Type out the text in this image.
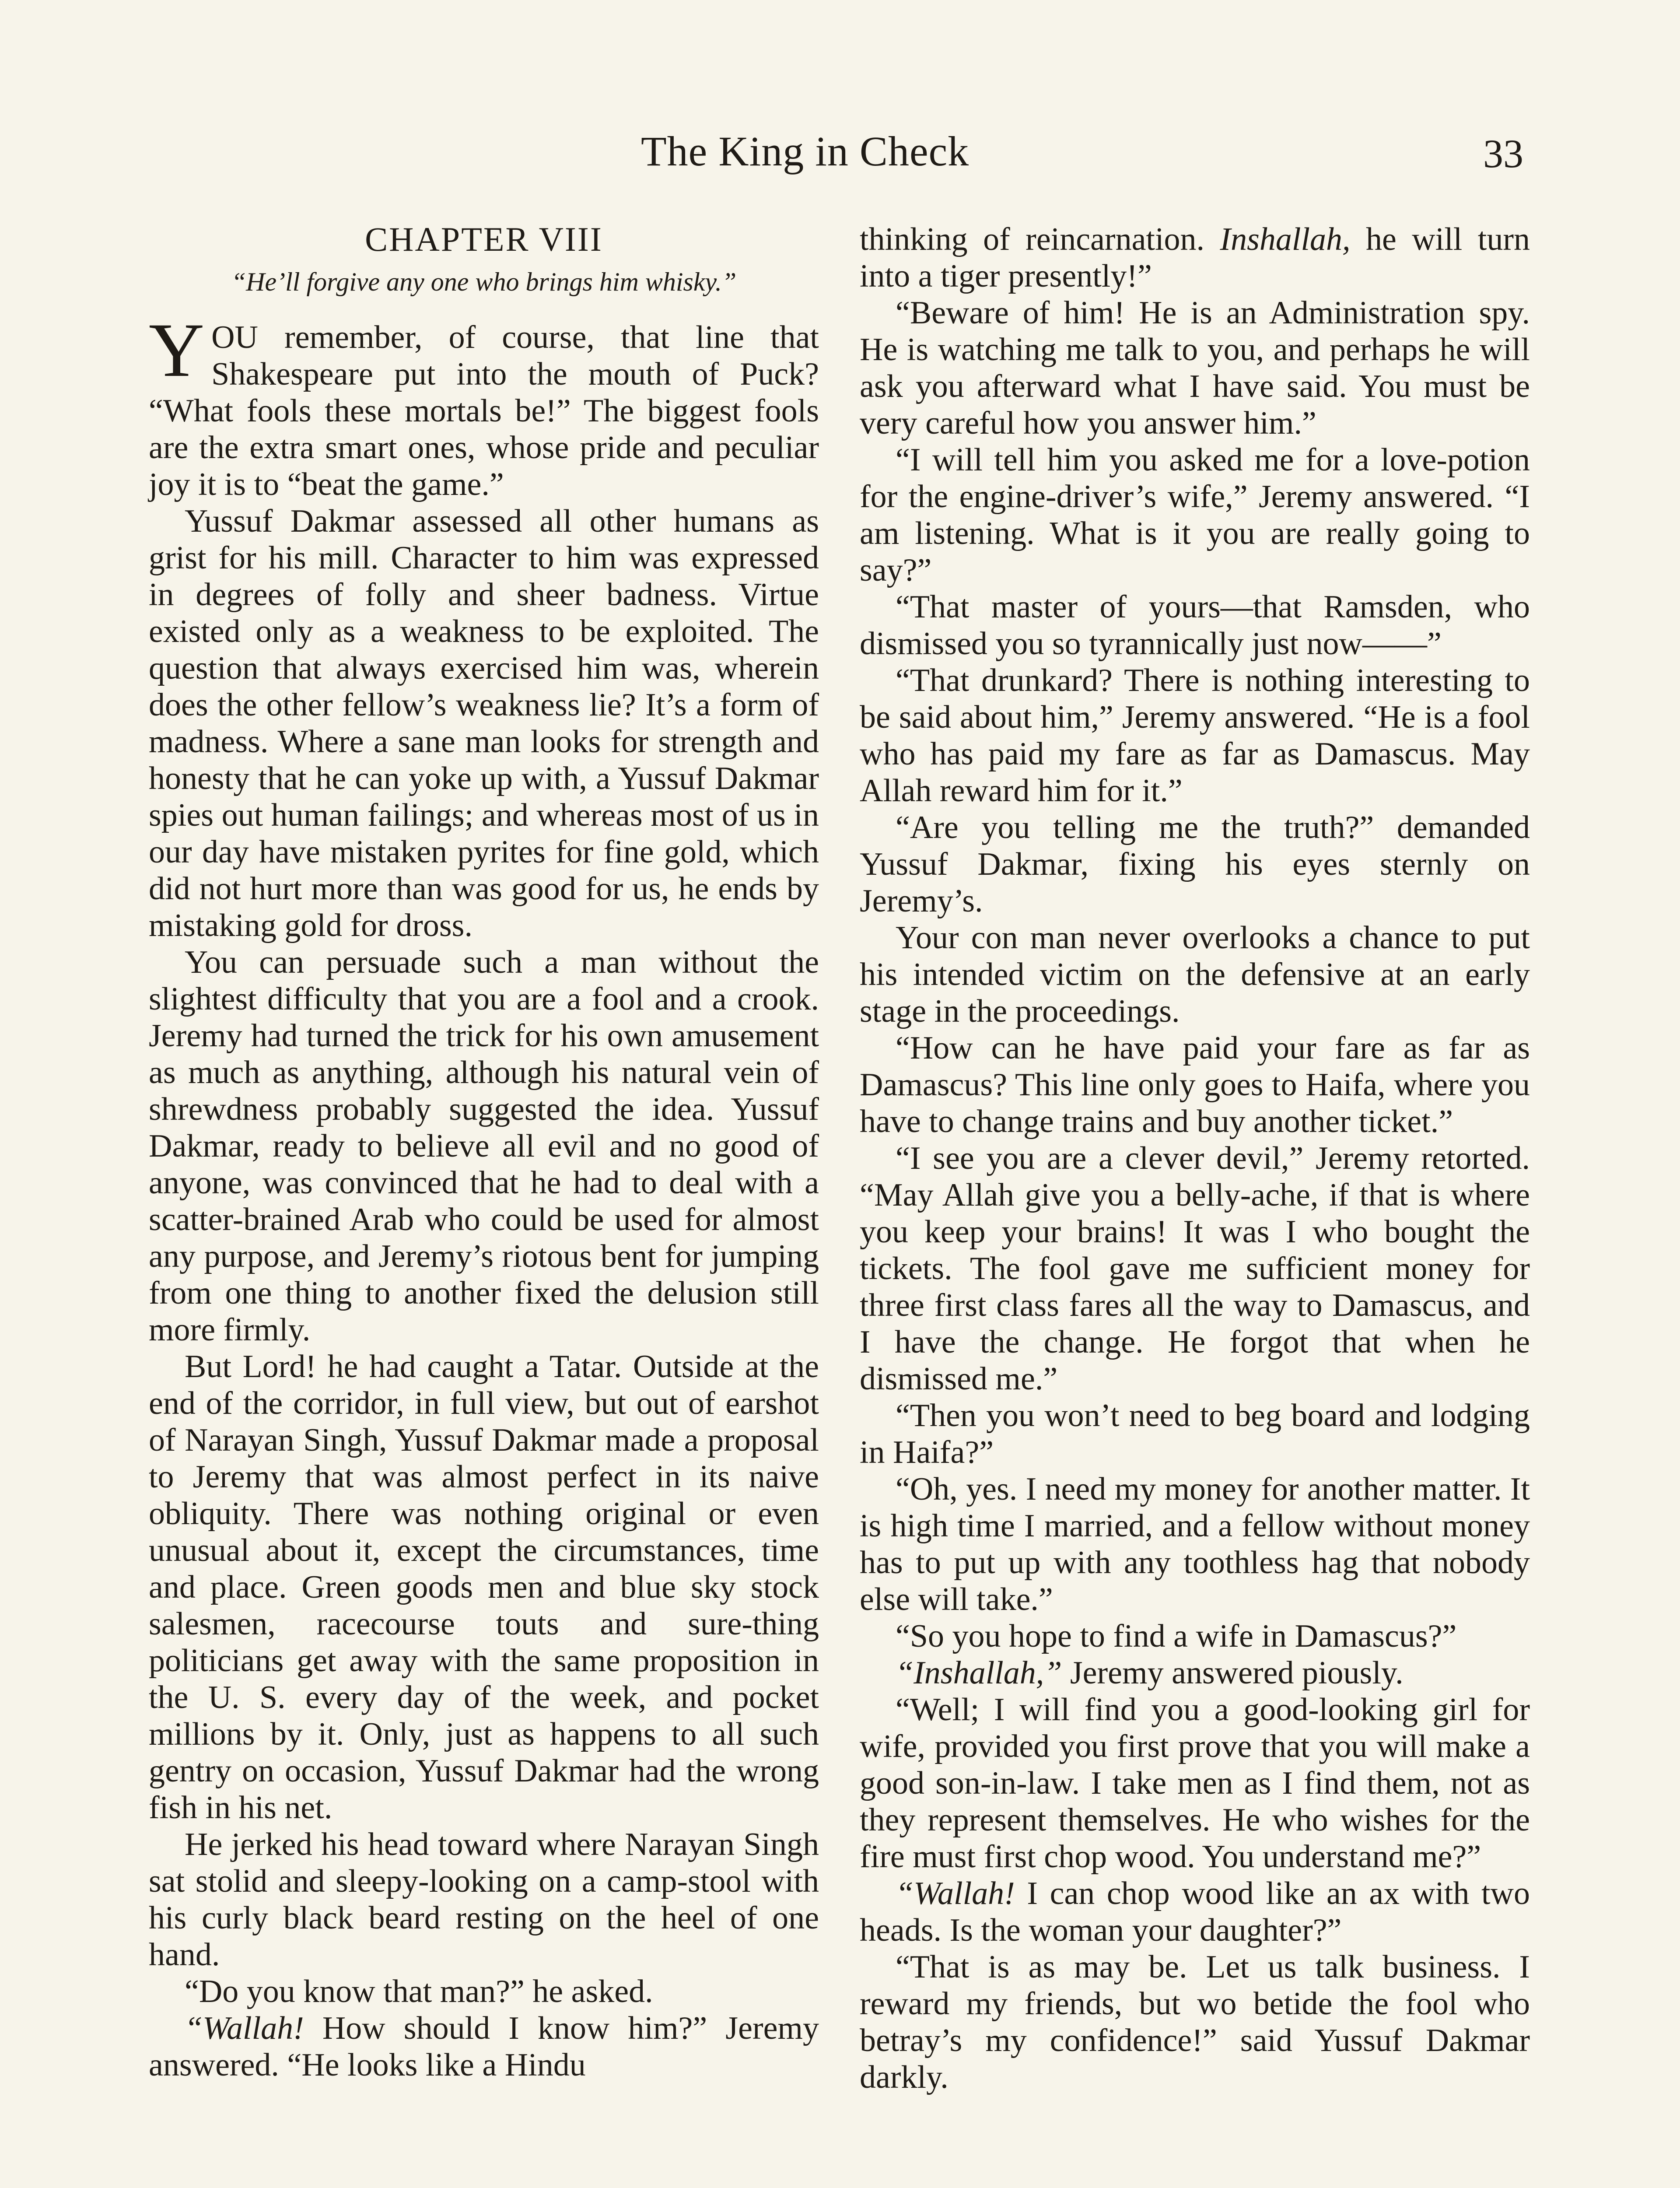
The King in Check	33
CHAPTER VIII
“He’ll forgive any one who brings him whisky.”

YOU remember, of course, that line that Shakespeare put into the mouth of Puck? “What fools these mortals be!” The biggest fools are the extra smart ones, whose pride and peculiar joy it is to “beat the game.”

Yussuf Dakmar assessed all other humans as grist for his mill. Character to him was expressed in degrees of folly and sheer badness. Virtue existed only as a weakness to be exploited. The question that always exercised him was, wherein does the other fellow’s weakness lie? It’s a form of madness. Where a sane man looks for strength and honesty that he can yoke up with, a Yussuf Dakmar spies out human failings; and whereas most of us in our day have mistaken pyrites for fine gold, which did not hurt more than was good for us, he ends by mistaking gold for dross.

You can persuade such a man without the slightest difficulty that you are a fool and a crook. Jeremy had turned the trick for his own amusement as much as anything, although his natural vein of shrewdness probably suggested the idea. Yussuf Dakmar, ready to believe all evil and no good of anyone, was convinced that he had to deal with a scatter-brained Arab who could be used for almost any purpose, and Jeremy’s riotous bent for jumping from one thing to another fixed the delusion still more firmly.

But Lord! he had caught a Tatar. Outside at the end of the corridor, in full view, but out of earshot of Narayan Singh, Yussuf Dakmar made a proposal to Jeremy that was almost perfect in its naive obliquity. There was nothing original or even unusual about it, except the circumstances, time and place. Green goods men and blue sky stock salesmen, racecourse touts and sure-thing politicians get away with the same proposition in the U. S. every day of the week, and pocket millions by it. Only, just as happens to all such gentry on occasion, Yussuf Dakmar had the wrong fish in his net.

He jerked his head toward where Narayan Singh sat stolid and sleepy-looking on a camp-stool with his curly black beard resting on the heel of one hand.

“Do you know that man?” he asked.

“Wallah! How should I know him?” Jeremy answered. “He looks like a Hindu

thinking of reincarnation. Inshallah, he will turn into a tiger presently!”

“Beware of him! He is an Administration spy. He is watching me talk to you, and perhaps he will ask you afterward what I have said. You must be very careful how you answer him.”

“I will tell him you asked me for a love-potion for the engine-driver’s wife,” Jeremy answered. “I am listening. What is it you are really going to say?”

“That master of yours—that Ramsden, who dismissed you so tyrannically just now——”

“That drunkard? There is nothing interesting to be said about him,” Jeremy answered. “He is a fool who has paid my fare as far as Damascus. May Allah reward him for it.”

“Are you telling me the truth?” demanded Yussuf Dakmar, fixing his eyes sternly on Jeremy’s.

Your con man never overlooks a chance to put his intended victim on the defensive at an early stage in the proceedings.

“How can he have paid your fare as far as Damascus? This line only goes to Haifa, where you have to change trains and buy another ticket.”

“I see you are a clever devil,” Jeremy retorted. “May Allah give you a belly-ache, if that is where you keep your brains! It was I who bought the tickets. The fool gave me sufficient money for three first class fares all the way to Damascus, and I have the change. He forgot that when he dismissed me.”

“Then you won’t need to beg board and lodging in Haifa?”

“Oh, yes. I need my money for another matter. It is high time I married, and a fellow without money has to put up with any toothless hag that nobody else will take.”

“So you hope to find a wife in Damascus?”

“Inshallah,” Jeremy answered piously.

“Well; I will find you a good-looking girl for wife, provided you first prove that you will make a good son-in-law. I take men as I find them, not as they represent themselves. He who wishes for the fire must first chop wood. You understand me?”

“Wallah! I can chop wood like an ax with two heads. Is the woman your daughter?”

“That is as may be. Let us talk business. I reward my friends, but wo betide the fool who betray’s my confidence!” said Yussuf Dakmar darkly.
